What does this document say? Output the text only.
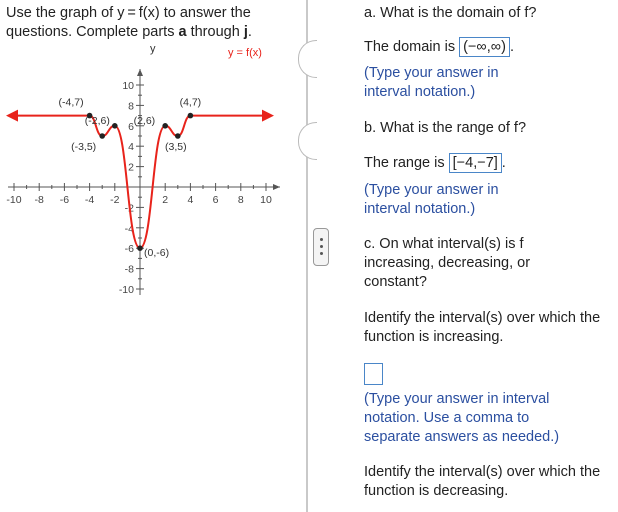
Use the graph of y = f(x) to answer the
questions. Complete parts a through j.
-10 -8 -6 -4 -2	2 4 6 8 10
10
8
6
4
2
-2
-4
-6
-8
-10
(-4,7)
(-2,6)
(-3,5)
(4,7)
(2,6)
(3,5)
(0,-6)
y	y = f(x)
a. What is the domain of f?
The domain is (−∞,∞) .
(Type your answer in interval notation.)
b. What is the range of f?
The range is [−4,−7] .
(Type your answer in interval notation.)
c. On what interval(s) is f increasing, decreasing, or constant?
Identify the interval(s) over which the function is increasing.
(Type your answer in interval notation. Use a comma to separate answers as needed.)
Identify the interval(s) over which the function is decreasing.
